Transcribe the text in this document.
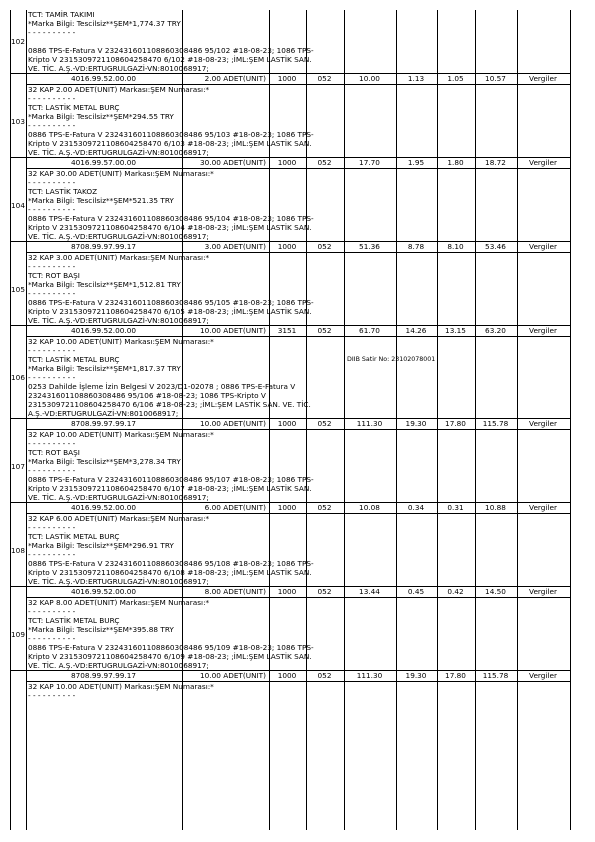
TCT: TAMİR TAKIMI
*Marka Bilgi: Tescilsiz**ŞEM*1,774.37 TRY
- - - - - - - - - -
0886 TPS-E-Fatura V 232431601108860308486 95/102 #18-08-23; 1086 TPS-
Kripto V 2315309721108604258470 6/102 #18-08-23; ;İML:ŞEM LASTİK SAN.
VE. TİC. A.Ş.-VD:ERTUGRULGAZİ-VN:8010068917;
102
4016.99.52.00.00	2.00 ADET(UNIT)	1000	052	10.00	1.13	1.05	10.57	Vergiler
32 KAP 2.00 ADET(UNIT) Markası:ŞEM Numarası:*
- - - - - - - - - -
TCT: LASTİK METAL BURÇ
*Marka Bilgi: Tescilsiz**ŞEM*294.55 TRY
- - - - - - - - - -
0886 TPS-E-Fatura V 232431601108860308486 95/103 #18-08-23; 1086 TPS-
Kripto V 2315309721108604258470 6/103 #18-08-23; ;İML:ŞEM LASTİK SAN.
VE. TİC. A.Ş.-VD:ERTUGRULGAZİ-VN:8010068917;
103
4016.99.57.00.00	30.00 ADET(UNIT)	1000	052	17.70	1.95	1.80	18.72	Vergiler
32 KAP 30.00 ADET(UNIT) Markası:ŞEM Numarası:*
- - - - - - - - - -
TCT: LASTİK TAKOZ
*Marka Bilgi: Tescilsiz**ŞEM*521.35 TRY
- - - - - - - - - -
0886 TPS-E-Fatura V 232431601108860308486 95/104 #18-08-23; 1086 TPS-
Kripto V 2315309721108604258470 6/104 #18-08-23; ;İML:ŞEM LASTİK SAN.
VE. TİC. A.Ş.-VD:ERTUGRULGAZİ-VN:8010068917;
104
8708.99.97.99.17	3.00 ADET(UNIT)	1000	052	51.36	8.78	8.10	53.46	Vergiler
32 KAP 3.00 ADET(UNIT) Markası:ŞEM Numarası:*
- - - - - - - - - -
TCT: ROT BAŞI
*Marka Bilgi: Tescilsiz**ŞEM*1,512.81 TRY
- - - - - - - - - -
0886 TPS-E-Fatura V 232431601108860308486 95/105 #18-08-23; 1086 TPS-
Kripto V 2315309721108604258470 6/105 #18-08-23; ;İML:ŞEM LASTİK SAN.
VE. TİC. A.Ş.-VD:ERTUGRULGAZİ-VN:8010068917;
105
4016.99.52.00.00	10.00 ADET(UNIT)	3151	052	61.70	14.26	13.15	63.20	Vergiler
32 KAP 10.00 ADET(UNIT) Markası:ŞEM Numarası:*
- - - - - - - - - -
TCT: LASTİK METAL BURÇ
*Marka Bilgi: Tescilsiz**ŞEM*1,817.37 TRY
- - - - - - - - - -
0253 Dahilde İşleme İzin Belgesi V 2023/D1-02078 ; 0886 TPS-E-Fatura V
232431601108860308486 95/106 #18-08-23; 1086 TPS-Kripto V
2315309721108604258470 6/106 #18-08-23; ;İML:ŞEM LASTİK SAN. VE. TİC.
A.Ş.-VD:ERTUGRULGAZİ-VN:8010068917;
106
DIIB Satir No: 23102078001
8708.99.97.99.17	10.00 ADET(UNIT)	1000	052	111.30	19.30	17.80	115.78	Vergiler
32 KAP 10.00 ADET(UNIT) Markası:ŞEM Numarası:*
- - - - - - - - - -
TCT: ROT BAŞI
*Marka Bilgi: Tescilsiz**ŞEM*3,278.34 TRY
- - - - - - - - - -
0886 TPS-E-Fatura V 232431601108860308486 95/107 #18-08-23; 1086 TPS-
Kripto V 2315309721108604258470 6/107 #18-08-23; ;İML:ŞEM LASTİK SAN.
VE. TİC. A.Ş.-VD:ERTUGRULGAZİ-VN:8010068917;
107
4016.99.52.00.00	6.00 ADET(UNIT)	1000	052	10.08	0.34	0.31	10.88	Vergiler
32 KAP 6.00 ADET(UNIT) Markası:ŞEM Numarası:*
- - - - - - - - - -
TCT: LASTİK METAL BURÇ
*Marka Bilgi: Tescilsiz**ŞEM*296.91 TRY
- - - - - - - - - -
0886 TPS-E-Fatura V 232431601108860308486 95/108 #18-08-23; 1086 TPS-
Kripto V 2315309721108604258470 6/108 #18-08-23; ;İML:ŞEM LASTİK SAN.
VE. TİC. A.Ş.-VD:ERTUGRULGAZİ-VN:8010068917;
108
4016.99.52.00.00	8.00 ADET(UNIT)	1000	052	13.44	0.45	0.42	14.50	Vergiler
32 KAP 8.00 ADET(UNIT) Markası:ŞEM Numarası:*
- - - - - - - - - -
TCT: LASTİK METAL BURÇ
*Marka Bilgi: Tescilsiz**ŞEM*395.88 TRY
- - - - - - - - - -
0886 TPS-E-Fatura V 232431601108860308486 95/109 #18-08-23; 1086 TPS-
Kripto V 2315309721108604258470 6/109 #18-08-23; ;İML:ŞEM LASTİK SAN.
VE. TİC. A.Ş.-VD:ERTUGRULGAZİ-VN:8010068917;
109
8708.99.97.99.17	10.00 ADET(UNIT)	1000	052	111.30	19.30	17.80	115.78	Vergiler
32 KAP 10.00 ADET(UNIT) Markası:ŞEM Numarası:*
- - - - - - - - - -
